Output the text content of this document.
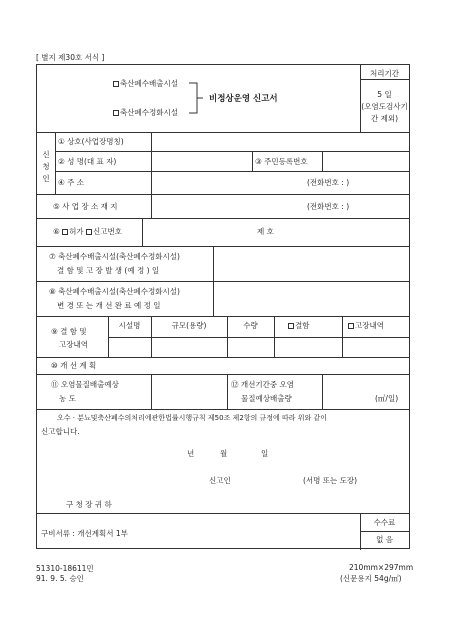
[ 별지 제30호 서식 ]
축산폐수배출시설
축산폐수정화시설
비정상운영 신고서
처리기간
5 일
(오염도검사기
간 제외)
신
청
인
① 상호(사업장명칭)
② 성 명(대 표 자)	③ 주민등록번호
④ 주 소	(전화번호 : )
⑤ 사 업 장 소 재 지	(전화번호 : )
⑥ 허가 신고번호	제 호
⑦ 축산폐수배출시설(축산폐수정화시설)
결 함 및 고 장 발 생 (예 정 ) 일
⑧ 축산폐수배출시설(축산폐수정화시설)
변 경 또 는 개 선 완 료 예 정 일
⑨ 결 함 및
고장내역
시설명	규모(용량)	수량	결함	고장내역
⑩ 개 선 계 획
⑪ 오염물질배출예상
농 도
⑫ 개선기간중 오염
물질예상배출량	(㎥/일)
오수 · 분뇨및축산폐수의처리에관한법률시행규칙 제50조 제2항의 규정에 따라 위와 같이
신고합니다.
년	월	일
신고인	(서명 또는 도장)
구 청 장 귀 하
구비서류 : 개선계획서 1부
수수료
없 음
51310-18611민
91. 9. 5. 승인
210mm×297mm
(신문용지 54g/㎡)
